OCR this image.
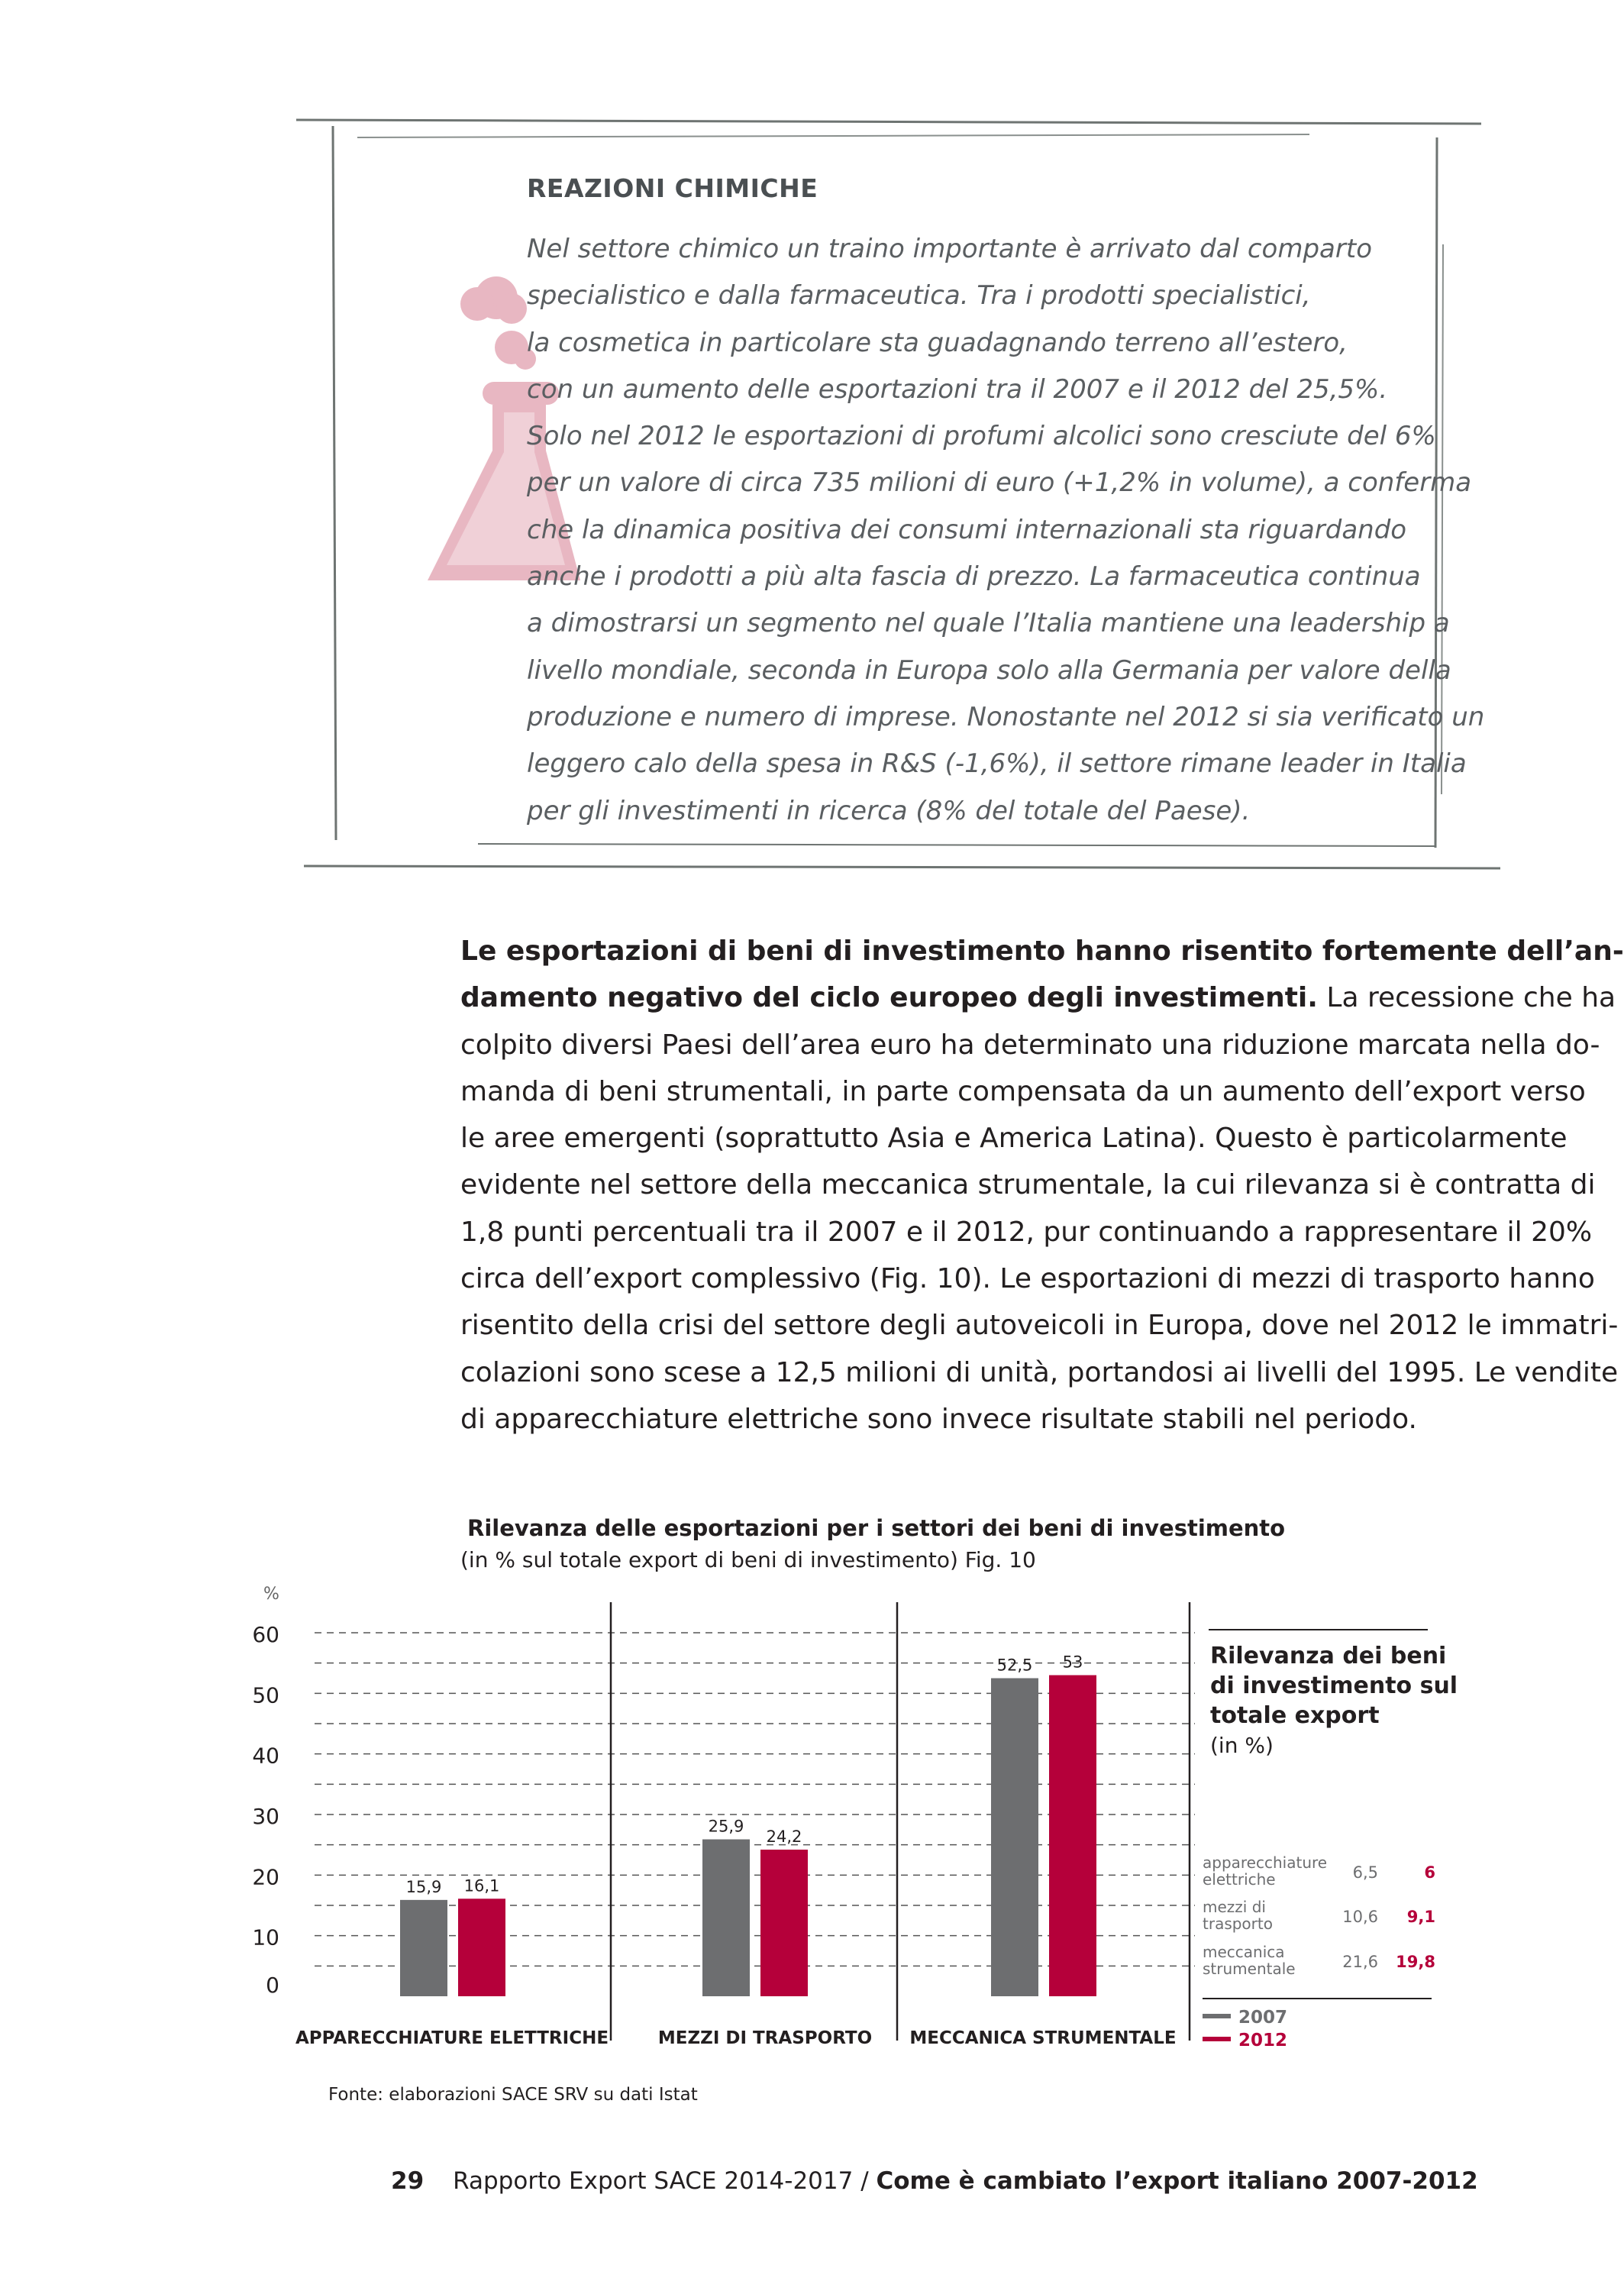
REAZIONI CHIMICHE
Nel settore chimico un traino importante è arrivato dal comparto
specialistico e dalla farmaceutica. Tra i prodotti specialistici,
la cosmetica in particolare sta guadagnando terreno all’estero,
con un aumento delle esportazioni tra il 2007 e il 2012 del 25,5%.
Solo nel 2012 le esportazioni di profumi alcolici sono cresciute del 6%
per un valore di circa 735 milioni di euro (+1,2% in volume), a conferma
che la dinamica positiva dei consumi internazionali sta riguardando
anche i prodotti a più alta fascia di prezzo. La farmaceutica continua
a dimostrarsi un segmento nel quale l’Italia mantiene una leadership a
livello mondiale, seconda in Europa solo alla Germania per valore della
produzione e numero di imprese. Nonostante nel 2012 si sia verificato un
leggero calo della spesa in R&S (-1,6%), il settore rimane leader in Italia
per gli investimenti in ricerca (8% del totale del Paese).
Le esportazioni di beni di investimento hanno risentito fortemente dell’an-
damento negativo del ciclo europeo degli investimenti. La recessione che ha
colpito diversi Paesi dell’area euro ha determinato una riduzione marcata nella do-
manda di beni strumentali, in parte compensata da un aumento dell’export verso
le aree emergenti (soprattutto Asia e America Latina). Questo è particolarmente
evidente nel settore della meccanica strumentale, la cui rilevanza si è contratta di
1,8 punti percentuali tra il 2007 e il 2012, pur continuando a rappresentare il 20%
circa dell’export complessivo (Fig. 10). Le esportazioni di mezzi di trasporto hanno
risentito della crisi del settore degli autoveicoli in Europa, dove nel 2012 le immatri-
colazioni sono scese a 12,5 milioni di unità, portandosi ai livelli del 1995. Le vendite
di apparecchiature elettriche sono invece risultate stabili nel periodo.
Rilevanza delle esportazioni per i settori dei beni di investimento
(in % sul totale export di beni di investimento) Fig. 10
%
0
10
20
30
40
50
60
15,9 16,1
25,9
24,2
52,5 53
APPARECCHIATURE ELETTRICHE	MEZZI DI TRASPORTO MECCANICA STRUMENTALE
Rilevanza dei beni
di investimento sul
totale export
(in %)
apparecchiature
elettriche	6,5	6
mezzi di
trasporto	10,6 9,1
meccanica
strumentale	21,6 19,8
2007
2012
Fonte: elaborazioni SACE SRV su dati Istat
29 Rapporto Export SACE 2014-2017 / Come è cambiato l’export italiano 2007-2012
